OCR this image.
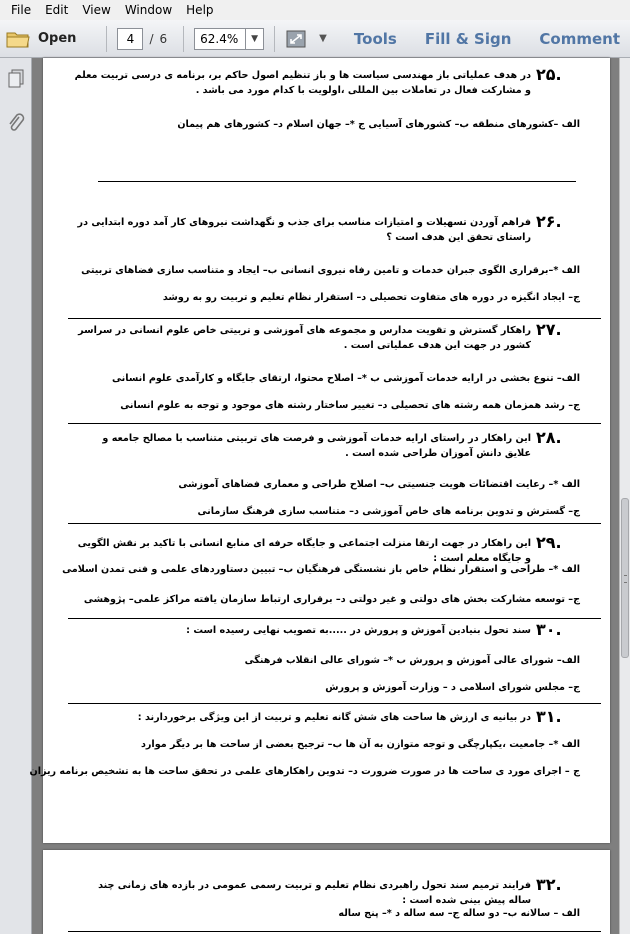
File	Edit	View	Window	Help
Open	4	/ 6	62.4%	▼	▼ Tools Fill & Sign Comment
۲۵.
در هدف عملیاتی باز مهندسی سیاست ها و باز تنظیم اصول حاکم بر، برنامه ی درسی تربیت معلم و مشارکت فعال در تعاملات بین المللی ،اولویت با کدام مورد می باشد .
الف –کشورهای منطقه ب– کشورهای آسیایی ج *– جهان اسلام د– کشورهای هم پیمان
۲۶.
فراهم آوردن تسهیلات و امتیازات مناسب برای جذب و نگهداشت نیروهای کار آمد دوره ابتدایی در راستای تحقق این هدف است ؟
الف *–برقراری الگوی جبران خدمات و تامین رفاه نیروی انسانی ب– ایجاد و متناسب سازی فضاهای تربیتی
ج– ایجاد انگیزه در دوره های متفاوت تحصیلی د– استقرار نظام تعلیم و تربیت رو به روشد
۲۷.
راهکار گسترش و تقویت مدارس و مجموعه های آموزشی و تربیتی خاص علوم انسانی در سراسر کشور در جهت این هدف عملیاتی است .
الف– تنوع بخشی در ارایه خدمات آموزشی ب *– اصلاح محتوا، ارتقای جایگاه و کارآمدی علوم انسانی
ج– رشد همزمان همه رشته های تحصیلی د– تغییر ساختار رشته های موجود و توجه به علوم انسانی
۲۸.
این راهکار در راستای ارایه خدمات آموزشی و فرصت های تربیتی متناسب با مصالح جامعه و علایق دانش آموزان طراحی شده است .
الف *– رعایت اقتضائات هویت جنسیتی ب– اصلاح طراحی و معماری فضاهای آموزشی
ج– گسترش و تدوین برنامه های خاص آموزشی د– متناسب سازی فرهنگ سازمانی
۲۹.
این راهکار در جهت ارتقا منزلت اجتماعی و جایگاه حرفه ای منابع انسانی با تاکید بر نقش الگویی و جایگاه معلم است :
الف *– طراحی و استقرار نظام خاص باز نشستگی فرهنگیان ب– تبیین دستاوردهای علمی و فنی تمدن اسلامی
ج– توسعه مشارکت بخش های دولتی و غیر دولتی د– برقراری ارتباط سازمان یافته مراکز علمی– پژوهشی
۳۰.
سند تحول بنیادین آموزش و پرورش در .....به تصویب نهایی رسیده است :
الف– شورای عالی آموزش و پرورش ب *– شورای عالی انقلاب فرهنگی
ج– مجلس شورای اسلامی د – وزارت آموزش و پرورش
۳۱.
در بیانیه ی ارزش ها ساحت های شش گانه تعلیم و تربیت از این ویژگی برخوردارند :
الف *– جامعیت ،یکپارچگی و توجه متوازن به آن ها ب– ترجیح بعضی از ساحت ها بر دیگر موارد
ج – اجرای مورد ی ساحت ها در صورت ضرورت د– تدوین راهکارهای علمی در تحقق ساحت ها به تشخیص برنامه ریزان
۳۲.
فرایند ترمیم سند تحول راهبردی نظام تعلیم و تربیت رسمی عمومی در بازده های زمانی چند ساله پیش بینی شده است :
الف – سالانه ب– دو ساله ج– سه ساله د *– پنج ساله
